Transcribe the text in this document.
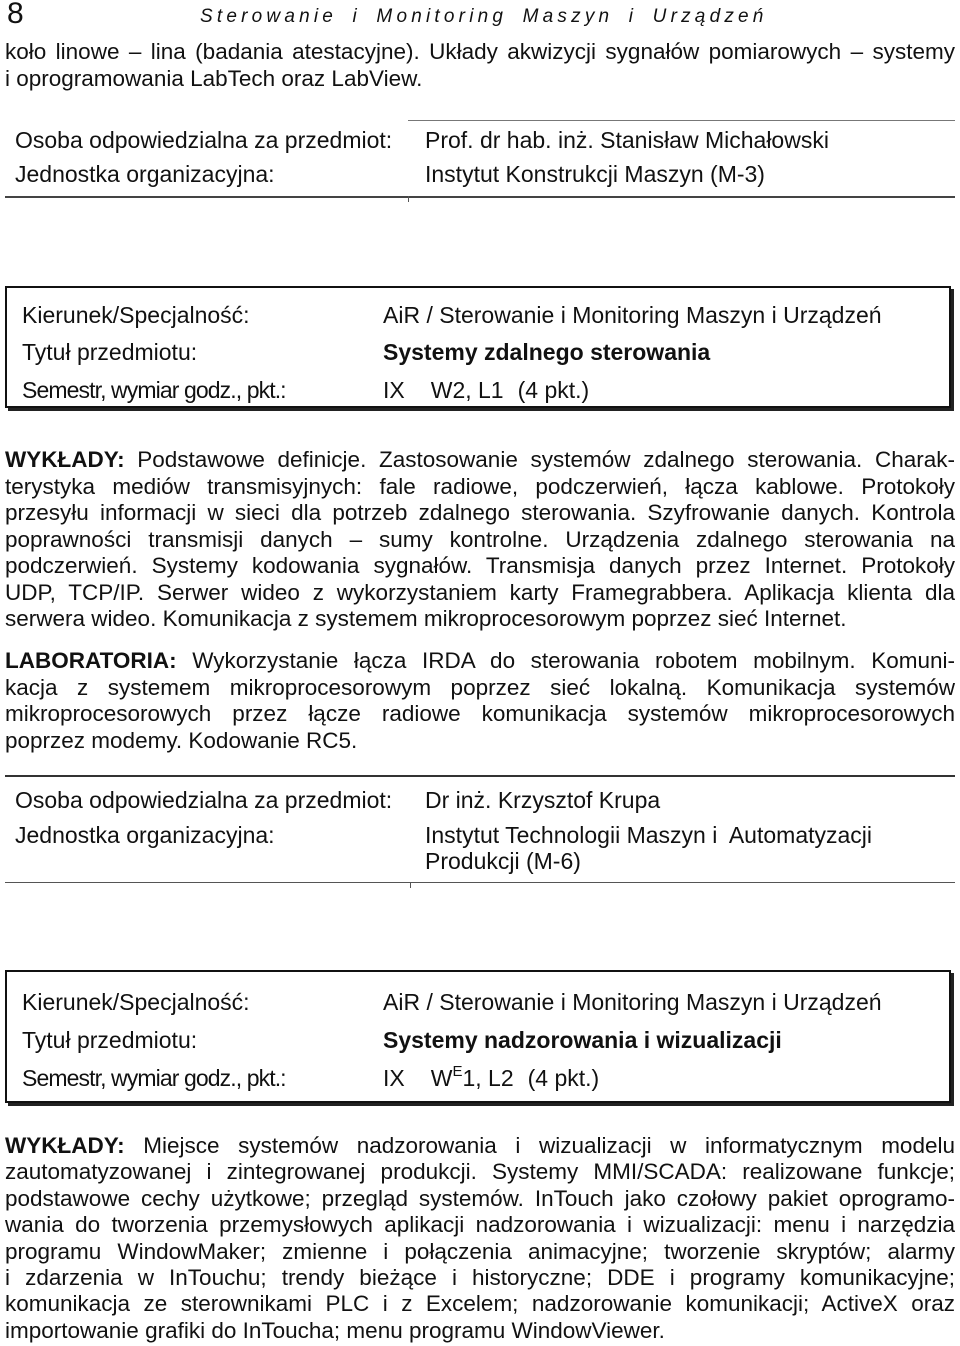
8	Sterowanie i Monitoring Maszyn i Urządzeń
koło linowe – lina (badania atestacyjne). Układy akwizycji sygnałów pomiarowych – systemy
i oprogramowania LabTech oraz LabView.
Osoba odpowiedzialna za przedmiot: Prof. dr hab. inż. Stanisław Michałowski
Jednostka organizacyjna:	Instytut Konstrukcji Maszyn (M-3)
Kierunek/Specjalność:	AiR / Sterowanie i Monitoring Maszyn i Urządzeń
Tytuł przedmiotu:	Systemy zdalnego sterowania
Semestr, wymiar godz., pkt.:	IX W2, L1 (4 pkt.)
WYKŁADY: Podstawowe definicje. Zastosowanie systemów zdalnego sterowania. Charak-
terystyka mediów transmisyjnych: fale radiowe, podczerwień, łącza kablowe. Protokoły
przesyłu informacji w sieci dla potrzeb zdalnego sterowania. Szyfrowanie danych. Kontrola
poprawności transmisji danych – sumy kontrolne. Urządzenia zdalnego sterowania na
podczerwień. Systemy kodowania sygnałów. Transmisja danych przez Internet. Protokoły
UDP, TCP/IP. Serwer wideo z wykorzystaniem karty Framegrabbera. Aplikacja klienta dla
serwera wideo. Komunikacja z systemem mikroprocesorowym poprzez sieć Internet.
LABORATORIA: Wykorzystanie łącza IRDA do sterowania robotem mobilnym. Komuni-
kacja z systemem mikroprocesorowym poprzez sieć lokalną. Komunikacja systemów
mikroprocesorowych przez łącze radiowe komunikacja systemów mikroprocesorowych
poprzez modemy. Kodowanie RC5.
Osoba odpowiedzialna za przedmiot: Dr inż. Krzysztof Krupa
Jednostka organizacyjna:	Instytut Technologii Maszyn i  Automatyzacji
Produkcji (M-6)
Kierunek/Specjalność:	AiR / Sterowanie i Monitoring Maszyn i Urządzeń
Tytuł przedmiotu:	Systemy nadzorowania i wizualizacji
Semestr, wymiar godz., pkt.:	IX $W^E1$, L2 (4 pkt.)
WYKŁADY: Miejsce systemów nadzorowania i wizualizacji w informatycznym modelu
zautomatyzowanej i zintegrowanej produkcji. Systemy MMI/SCADA: realizowane funkcje;
podstawowe cechy użytkowe; przegląd systemów. InTouch jako czołowy pakiet oprogramo-
wania do tworzenia przemysłowych aplikacji nadzorowania i wizualizacji: menu i narzędzia
programu WindowMaker; zmienne i połączenia animacyjne; tworzenie skryptów; alarmy
i zdarzenia w InTouchu; trendy bieżące i historyczne; DDE i programy komunikacyjne;
komunikacja ze sterownikami PLC i z Excelem; nadzorowanie komunikacji; ActiveX oraz
importowanie grafiki do InToucha; menu programu WindowViewer.
